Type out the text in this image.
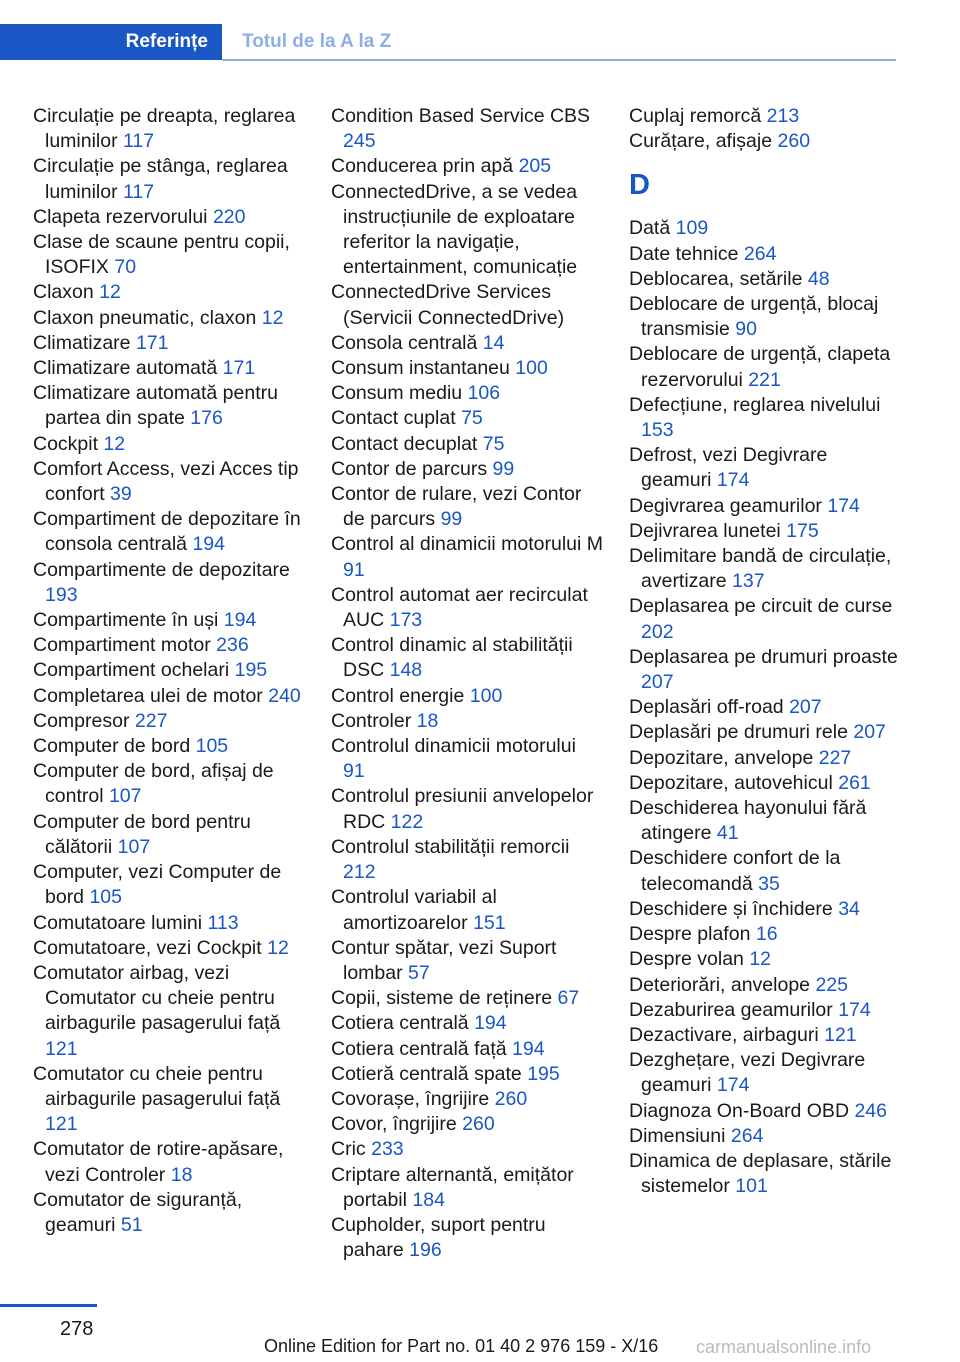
Referințe Totul de la A la Z

Circulație pe dreapta, reglarea luminilor 117

Circulație pe stânga, reglarea luminilor 117

Clapeta rezervorului 220

Clase de scaune pentru copii, ISOFIX 70

Claxon 12

Claxon pneumatic, claxon 12

Climatizare 171

Climatizare automată 171

Climatizare automată pentru partea din spate 176

Cockpit 12

Comfort Access, vezi Acces tip confort 39

Compartiment de depozitare în consola centrală 194

Compartimente de depozitare 193

Compartimente în uși 194

Compartiment motor 236

Compartiment ochelari 195

Completarea ulei de motor 240

Compresor 227

Computer de bord 105

Computer de bord, afișaj de control 107

Computer de bord pentru călătorii 107

Computer, vezi Computer de bord 105

Comutatoare lumini 113

Comutatoare, vezi Cockpit 12

Comutator airbag, vezi Comutator cu cheie pentru airbagurile pasagerului față 121

Comutator cu cheie pentru airbagurile pasagerului față 121

Comutator de rotire-apăsare, vezi Controler 18

Comutator de siguranță, geamuri 51

Condition Based Service CBS 245

Conducerea prin apă 205

ConnectedDrive, a se vedea instrucțiunile de exploatare referitor la navigație, entertainment, comunicație

ConnectedDrive Services (Servicii ConnectedDrive)

Consola centrală 14

Consum instantaneu 100

Consum mediu 106

Contact cuplat 75

Contact decuplat 75

Contor de parcurs 99

Contor de rulare, vezi Contor de parcurs 99

Control al dinamicii motorului M 91

Control automat aer recirculat AUC 173

Control dinamic al stabilității DSC 148

Control energie 100

Controler 18

Controlul dinamicii motorului 91

Controlul presiunii anvelopelor RDC 122

Controlul stabilității remorcii 212

Controlul variabil al amortizoarelor 151

Contur spătar, vezi Suport lombar 57

Copii, sisteme de reținere 67

Cotiera centrală 194

Cotiera centrală față 194

Cotieră centrală spate 195

Covorașe, îngrijire 260

Covor, îngrijire 260

Cric 233

Criptare alternantă, emițător portabil 184

Cupholder, suport pentru pahare 196

Cuplaj remorcă 213

Curățare, afișaje 260

D

Dată 109

Date tehnice 264

Deblocarea, setările 48

Deblocare de urgență, blocaj transmisie 90

Deblocare de urgență, clapeta rezervorului 221

Defecțiune, reglarea nivelului 153

Defrost, vezi Degivrare geamuri 174

Degivrarea geamurilor 174

Dejivrarea lunetei 175

Delimitare bandă de circulație, avertizare 137

Deplasarea pe circuit de curse 202

Deplasarea pe drumuri proaste 207

Deplasări off-road 207

Deplasări pe drumuri rele 207

Depozitare, anvelope 227

Depozitare, autovehicul 261

Deschiderea hayonului fără atingere 41

Deschidere confort de la telecomandă 35

Deschidere și închidere 34

Despre plafon 16

Despre volan 12

Deteriorări, anvelope 225

Dezaburirea geamurilor 174

Dezactivare, airbaguri 121

Dezghețare, vezi Degivrare geamuri 174

Diagnoza On-Board OBD 246

Dimensiuni 264

Dinamica de deplasare, stările sistemelor 101

278
Online Edition for Part no. 01 40 2 976 159 - X/16 carmanualsonline.info
